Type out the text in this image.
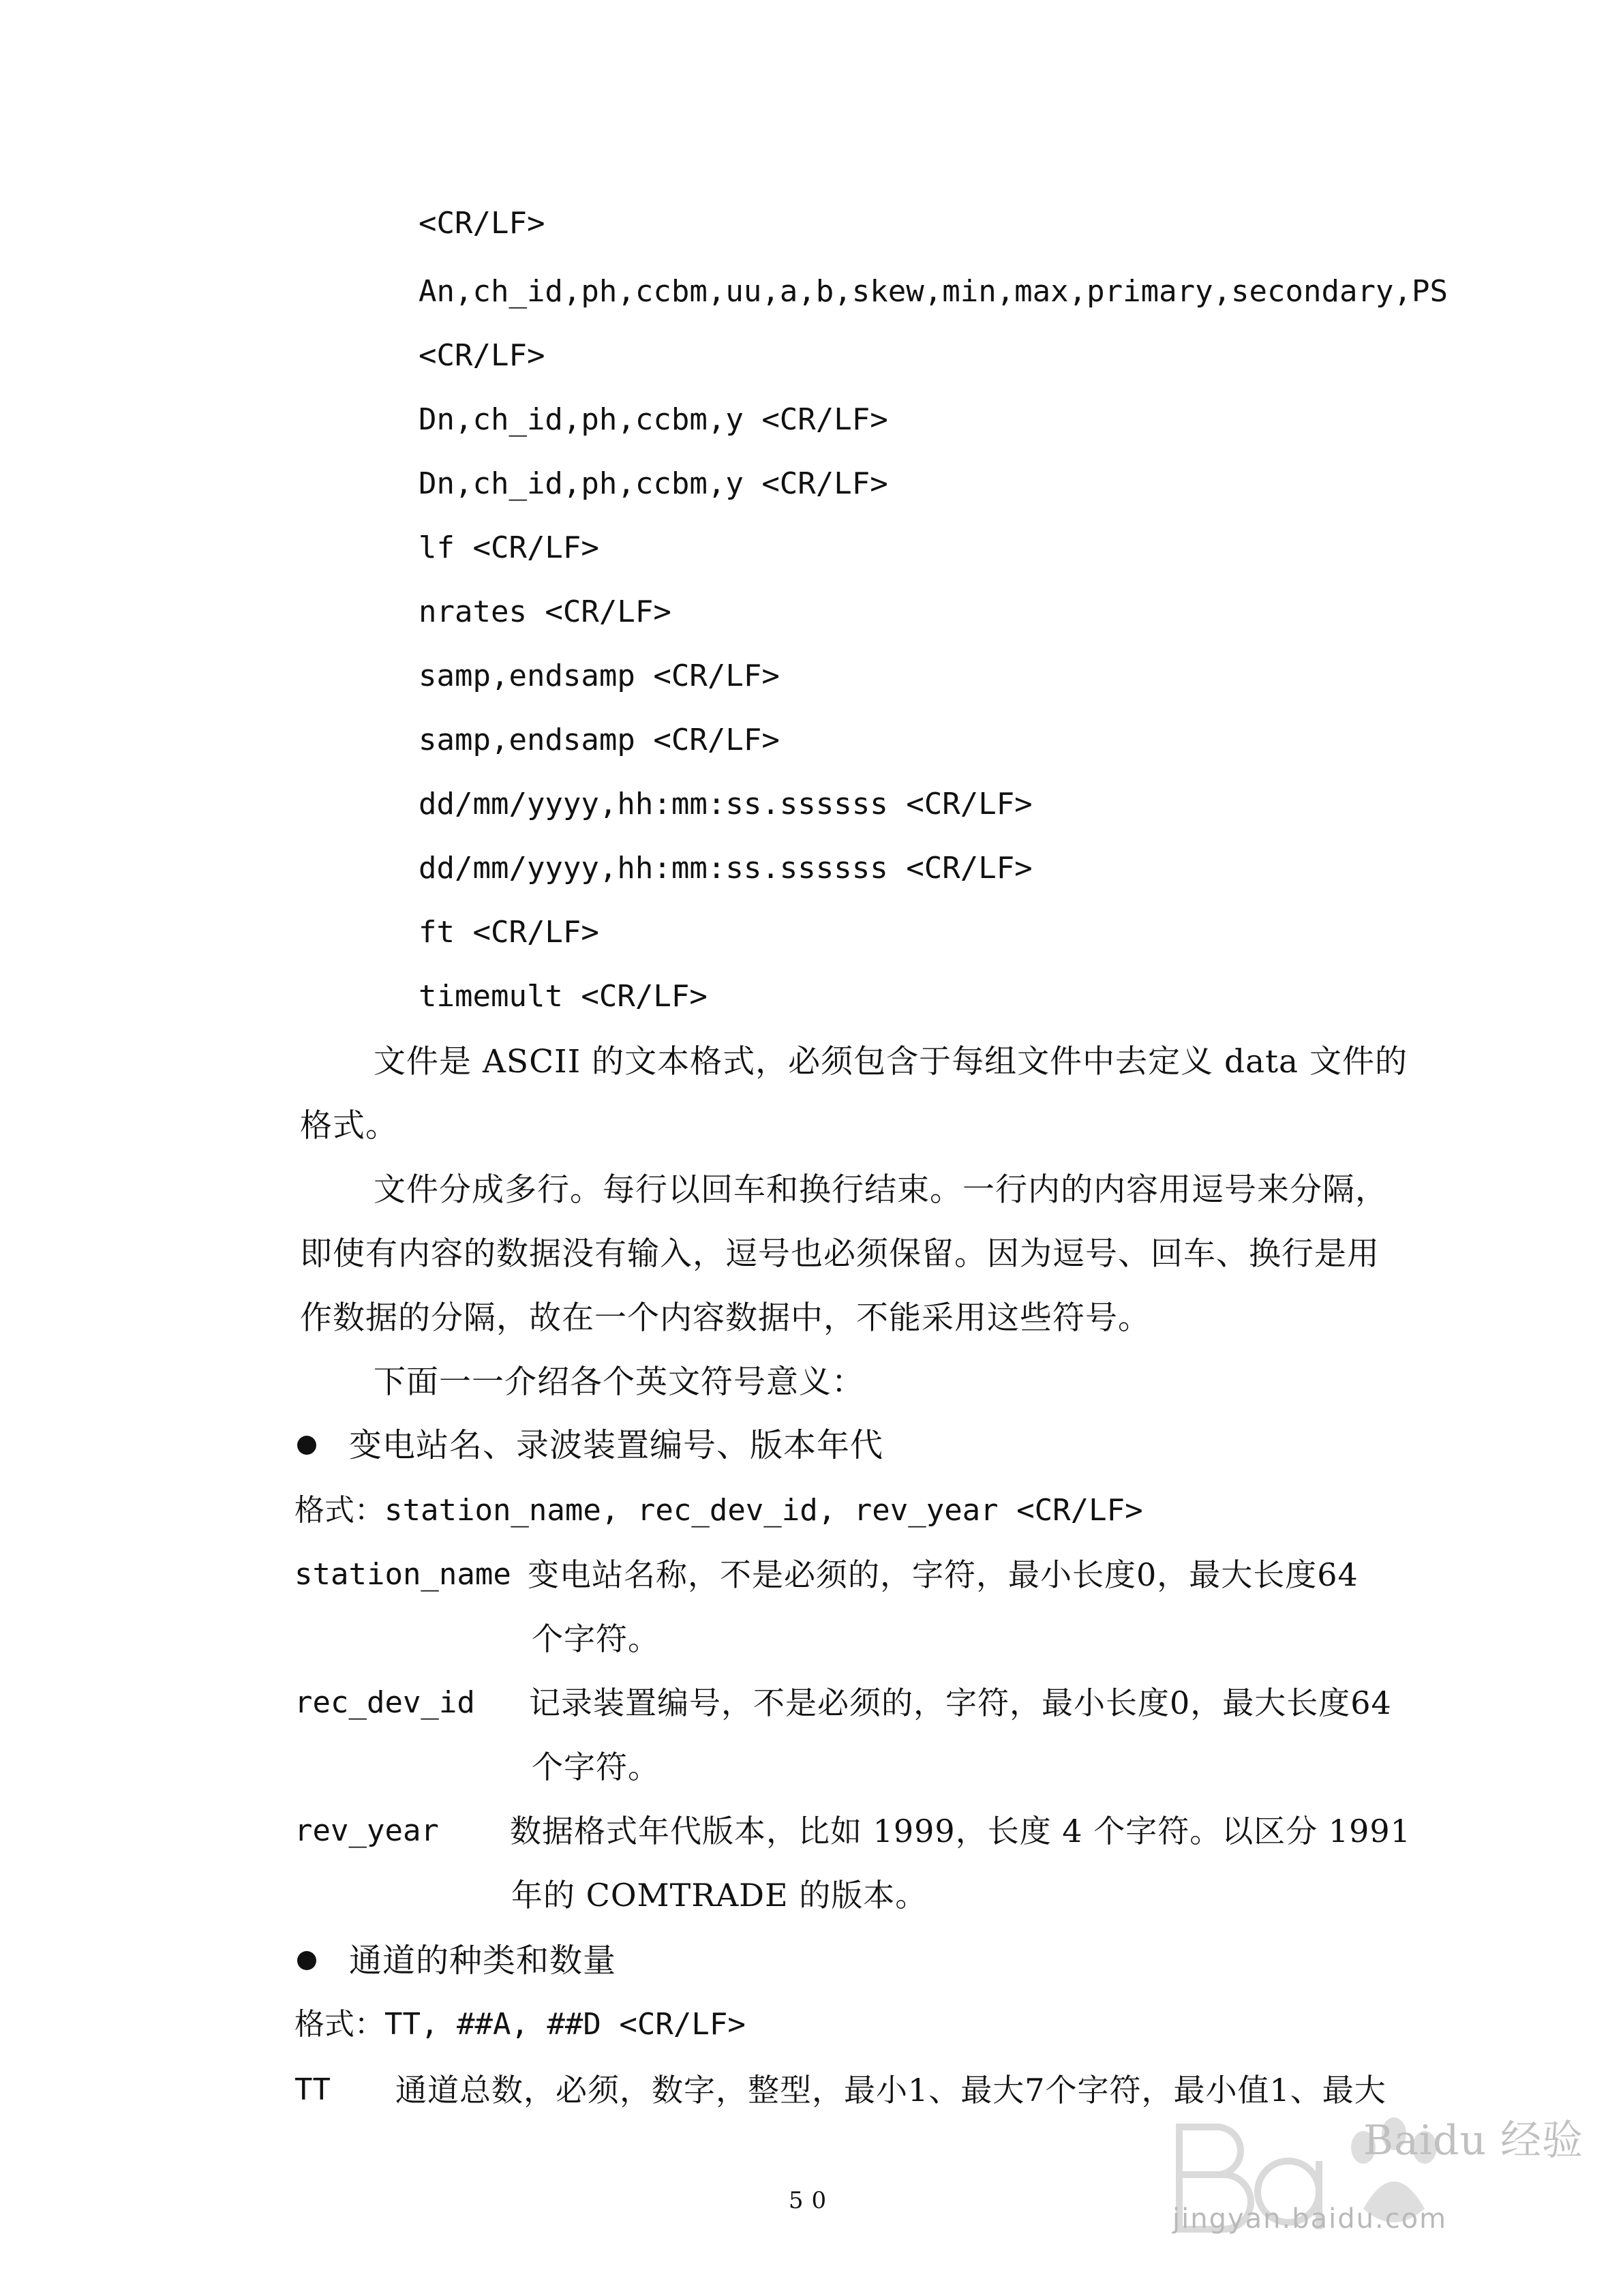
<CR/LF>
An,ch_id,ph,ccbm,uu,a,b,skew,min,max,primary,secondary,PS
<CR/LF>
Dn,ch_id,ph,ccbm,y <CR/LF>
Dn,ch_id,ph,ccbm,y <CR/LF>
lf <CR/LF>
nrates <CR/LF>
samp,endsamp <CR/LF>
samp,endsamp <CR/LF>
dd/mm/yyyy,hh:mm:ss.ssssss <CR/LF>
dd/mm/yyyy,hh:mm:ss.ssssss <CR/LF>
ft <CR/LF>
timemult <CR/LF>
文件是 ASCII 的文本格式，必须包含于每组文件中去定义 data 文件的
格式。
文件分成多行。每行以回车和换行结束。一行内的内容用逗号来分隔，
即使有内容的数据没有输入，逗号也必须保留。因为逗号、回车、换行是用
作数据的分隔，故在一个内容数据中，不能采用这些符号。
下面一一介绍各个英文符号意义：
变电站名、录波装置编号、版本年代
格式：station_name, rec_dev_id, rev_year <CR/LF>
station_name 变电站名称，不是必须的，字符，最小长度0，最大长度64
个字符。
rec_dev_id 记录装置编号，不是必须的，字符，最小长度0，最大长度64
个字符。
rev_year 数据格式年代版本，比如 1999，长度 4 个字符。以区分 1991
年的 COMTRADE 的版本。
通道的种类和数量
格式：TT, ##A, ##D <CR/LF>
TT 通道总数，必须，数字，整型，最小1、最大7个字符，最小值1、最大
50
Baidu 经验
jingyan.baidu.com
